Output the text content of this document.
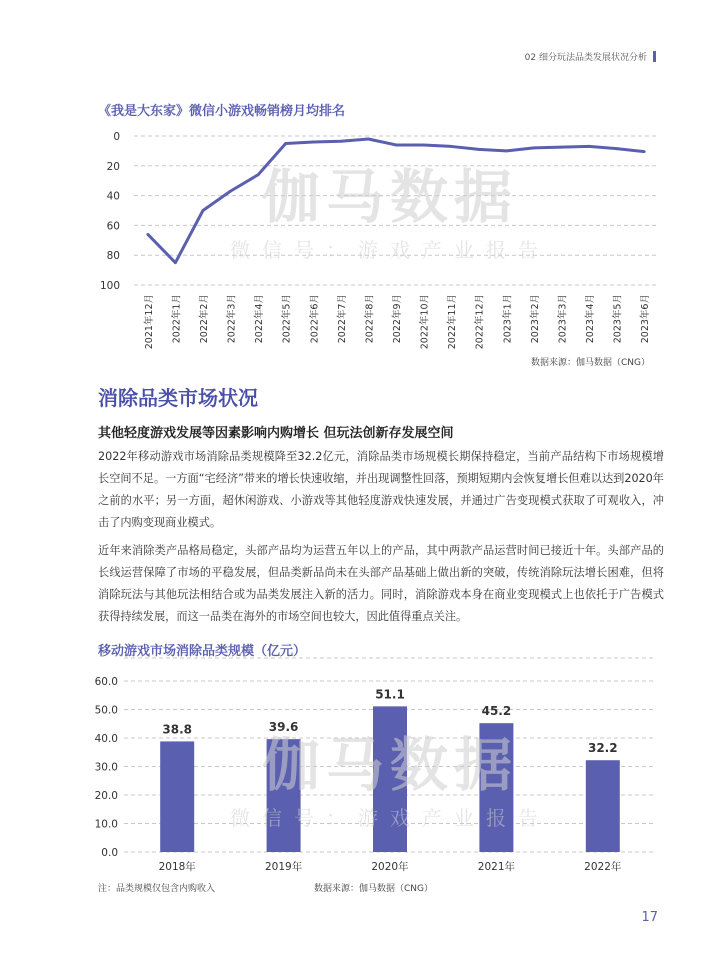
02 细分玩法品类发展状况分析
《我是大东家》微信小游戏畅销榜月均排名
0
20
40
60
80
100
2021年12月 2022年1月 2022年2月 2022年3月 2022年4月 2022年5月 2022年6月 2022年7月 2022年8月 2022年9月 2022年10月 2022年11月 2022年12月 2023年1月 2023年2月 2023年3月 2023年4月 2023年5月 2023年6月
伽马数据
微信号：游戏产业报告
数据来源：伽马数据（CNG）
消除品类市场状况
其他轻度游戏发展等因素影响内购增长 但玩法创新存发展空间

2022年移动游戏市场消除品类规模降至32.2亿元，消除品类市场规模长期保持稳定，当前产品结构下市场规模增长空间不足。一方面“宅经济”带来的增长快速收缩，并出现调整性回落，预期短期内会恢复增长但难以达到2020年之前的水平；另一方面，超休闲游戏、小游戏等其他轻度游戏快速发展，并通过广告变现模式获取了可观收入，冲击了内购变现商业模式。

近年来消除类产品格局稳定，头部产品均为运营五年以上的产品，其中两款产品运营时间已接近十年。头部产品的长线运营保障了市场的平稳发展，但品类新品尚未在头部产品基础上做出新的突破，传统消除玩法增长困难，但将消除玩法与其他玩法相结合或为品类发展注入新的活力。同时，消除游戏本身在商业变现模式上也依托于广告模式获得持续发展，而这一品类在海外的市场空间也较大，因此值得重点关注。

移动游戏市场消除品类规模（亿元）
0.0
10.0
20.0
30.0
40.0
50.0
60.0
38.8
2018年
39.6
2019年
51.1
2020年
45.2
2021年
32.2
2022年
伽马数据
微信号：游戏产业报告
注：品类规模仅包含内购收入	数据来源：伽马数据（CNG）
17
